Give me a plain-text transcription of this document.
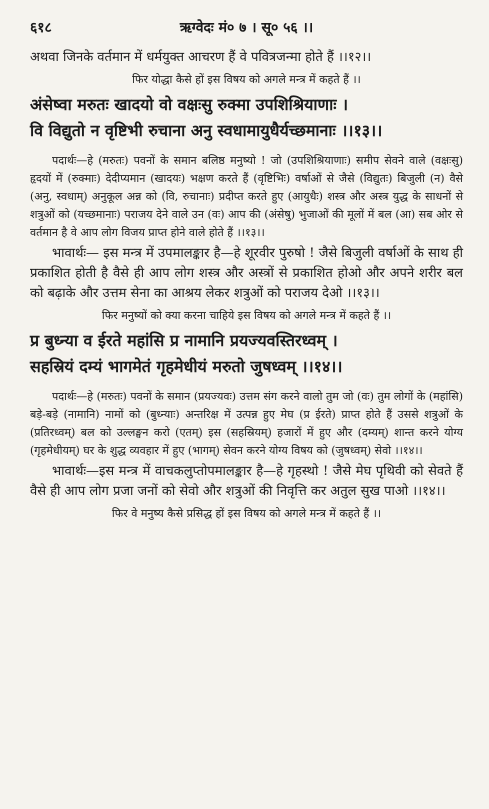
६१८	ऋग्वेदः मं० ७ । सू० ५६ ।।

अथवा जिनके वर्तमान में धर्मयुक्त आचरण हैं वे पवित्रजन्मा होते हैं ।।१२।।

फिर योद्धा कैसे हों इस विषय को अगले मन्त्र में कहते हैं ।।

अंसेष्वा मरुतः खादयो वो वक्षःसु रुक्मा उपशिश्रियाणाः ।

वि विद्युतो न वृष्टिभी रुचाना अनु स्वधामायुधैर्यच्छमानाः ।।१३।।

पदार्थः—हे (मरुतः) पवनों के समान बलिष्ठ मनुष्यो ! जो (उपशिश्रियाणाः) समीप सेवने वाले (वक्षःसु) हृदयों में (रुक्माः) देदीप्यमान (खादयः) भक्षण करते हैं (वृष्टिभिः) वर्षाओं से जैसे (विद्युतः) बिजुली (न) वैसे (अनु, स्वधाम्) अनुकूल अन्न को (वि, रुचानाः) प्रदीप्त करते हुए (आयुधैः) शस्त्र और अस्त्र युद्ध के साधनों से शत्रुओं को (यच्छमानाः) पराजय देने वाले उन (वः) आप की (अंसेषु) भुजाओं की मूलों में बल (आ) सब ओर से वर्तमान है वे आप लोग विजय प्राप्त होने वाले होते हैं ।।१३।।

भावार्थः— इस मन्त्र में उपमालङ्कार है—हे शूरवीर पुरुषो ! जैसे बिजुली वर्षाओं के साथ ही प्रकाशित होती है वैसे ही आप लोग शस्त्र और अस्त्रों से प्रकाशित होओ और अपने शरीर बल को बढ़ाके और उत्तम सेना का आश्रय लेकर शत्रुओं को पराजय देओ ।।१३।।

फिर मनुष्यों को क्या करना चाहिये इस विषय को अगले मन्त्र में कहते हैं ।।

प्र बुध्न्या व ईरते महांसि प्र नामानि प्रयज्यवस्तिरध्वम् ।

सहस्रियं दम्यं भागमेतं गृहमेधीयं मरुतो जुषध्वम् ।।१४।।

पदार्थः—हे (मरुतः) पवनों के समान (प्रयज्यवः) उत्तम संग करने वालो तुम जो (वः) तुम लोगों के (महांसि) बड़े-बड़े (नामानि) नामों को (बुध्न्याः) अन्तरिक्ष में उत्पन्न हुए मेघ (प्र ईरते) प्राप्त होते हैं उससे शत्रुओं के (प्रतिरध्वम्) बल को उल्लङ्घन करो (एतम्) इस (सहस्रियम्) हजारों में हुए और (दम्यम्) शान्त करने योग्य (गृहमेधीयम्) घर के शुद्ध व्यवहार में हुए (भागम्) सेवन करने योग्य विषय को (जुषध्वम्) सेवो ।।१४।।

भावार्थः—इस मन्त्र में वाचकलुप्तोपमालङ्कार है—हे गृहस्थो ! जैसे मेघ पृथिवी को सेवते हैं वैसे ही आप लोग प्रजा जनों को सेवो और शत्रुओं की निवृत्ति कर अतुल सुख पाओ ।।१४।।

फिर वे मनुष्य कैसे प्रसिद्ध हों इस विषय को अगले मन्त्र में कहते हैं ।।
